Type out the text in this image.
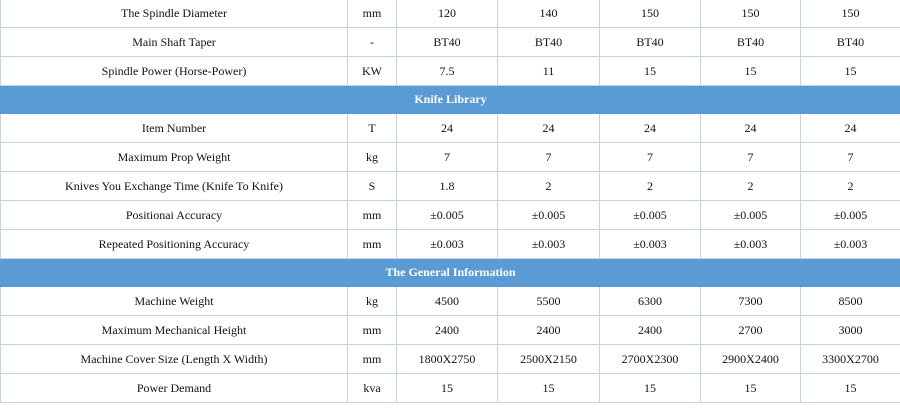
The Spindle Diameter	mm	120	140	150	150	150
Main Shaft Taper	-	BT40	BT40	BT40	BT40	BT40
Spindle Power (Horse-Power)	KW	7.5	11	15	15	15
Knife Library						
Item Number	T	24	24	24	24	24
Maximum Prop Weight	kg	7	7	7	7	7
Knives You Exchange Time (Knife To Knife)	S	1.8	2	2	2	2
Positionai Accuracy	mm	±0.005	±0.005	±0.005	±0.005	±0.005
Repeated Positioning Accuracy	mm	±0.003	±0.003	±0.003	±0.003	±0.003
The General Information						
Machine Weight	kg	4500	5500	6300	7300	8500
Maximum Mechanical Height	mm	2400	2400	2400	2700	3000
Machine Cover Size (Length X Width)	mm	1800X2750	2500X2150	2700X2300	2900X2400	3300X2700
Power Demand	kva	15	15	15	15	15
